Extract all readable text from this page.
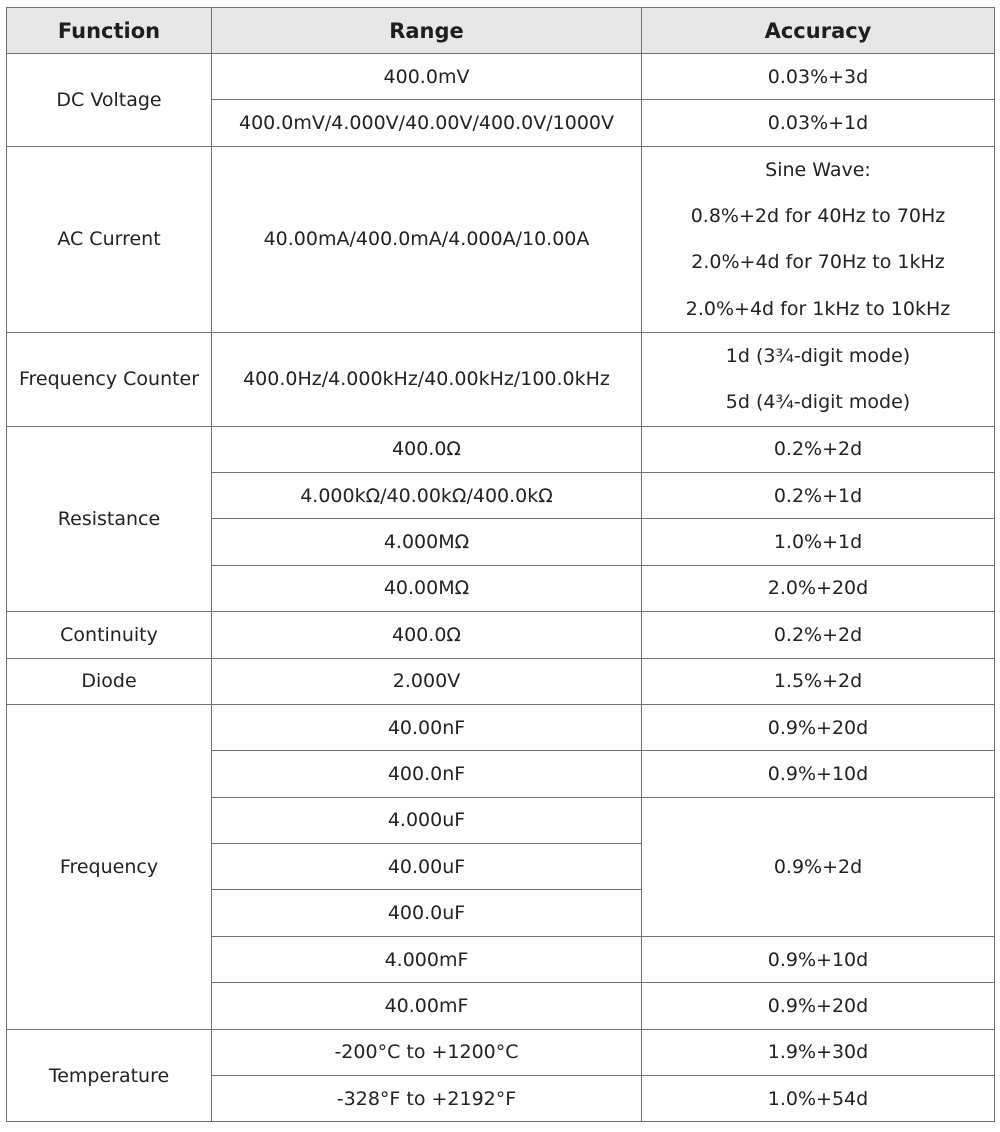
Function	Range	Accuracy
DC Voltage	400.0mV	0.03%+3d
	400.0mV/4.000V/40.00V/400.0V/1000V	0.03%+1d
AC Current	40.00mA/400.0mA/4.000A/10.00A	Sine Wave:
0.8%+2d for 40Hz to 70Hz
2.0%+4d for 70Hz to 1kHz
2.0%+4d for 1kHz to 10kHz

Frequency Counter	400.0Hz/4.000kHz/40.00kHz/100.0kHz	1d (3¾-digit mode)
5d (4¾-digit mode)

Resistance	400.0Ω	0.2%+2d
	4.000kΩ/40.00kΩ/400.0kΩ	0.2%+1d
	4.000MΩ	1.0%+1d
	40.00MΩ	2.0%+20d
Continuity	400.0Ω	0.2%+2d
Diode	2.000V	1.5%+2d
Frequency	40.00nF	0.9%+20d
	400.0nF	0.9%+10d
	4.000uF	0.9%+2d
	40.00uF	
	400.0uF	
	4.000mF	0.9%+10d
	40.00mF	0.9%+20d
Temperature	-200°C to +1200°C	1.9%+30d
	-328°F to +2192°F	1.0%+54d
